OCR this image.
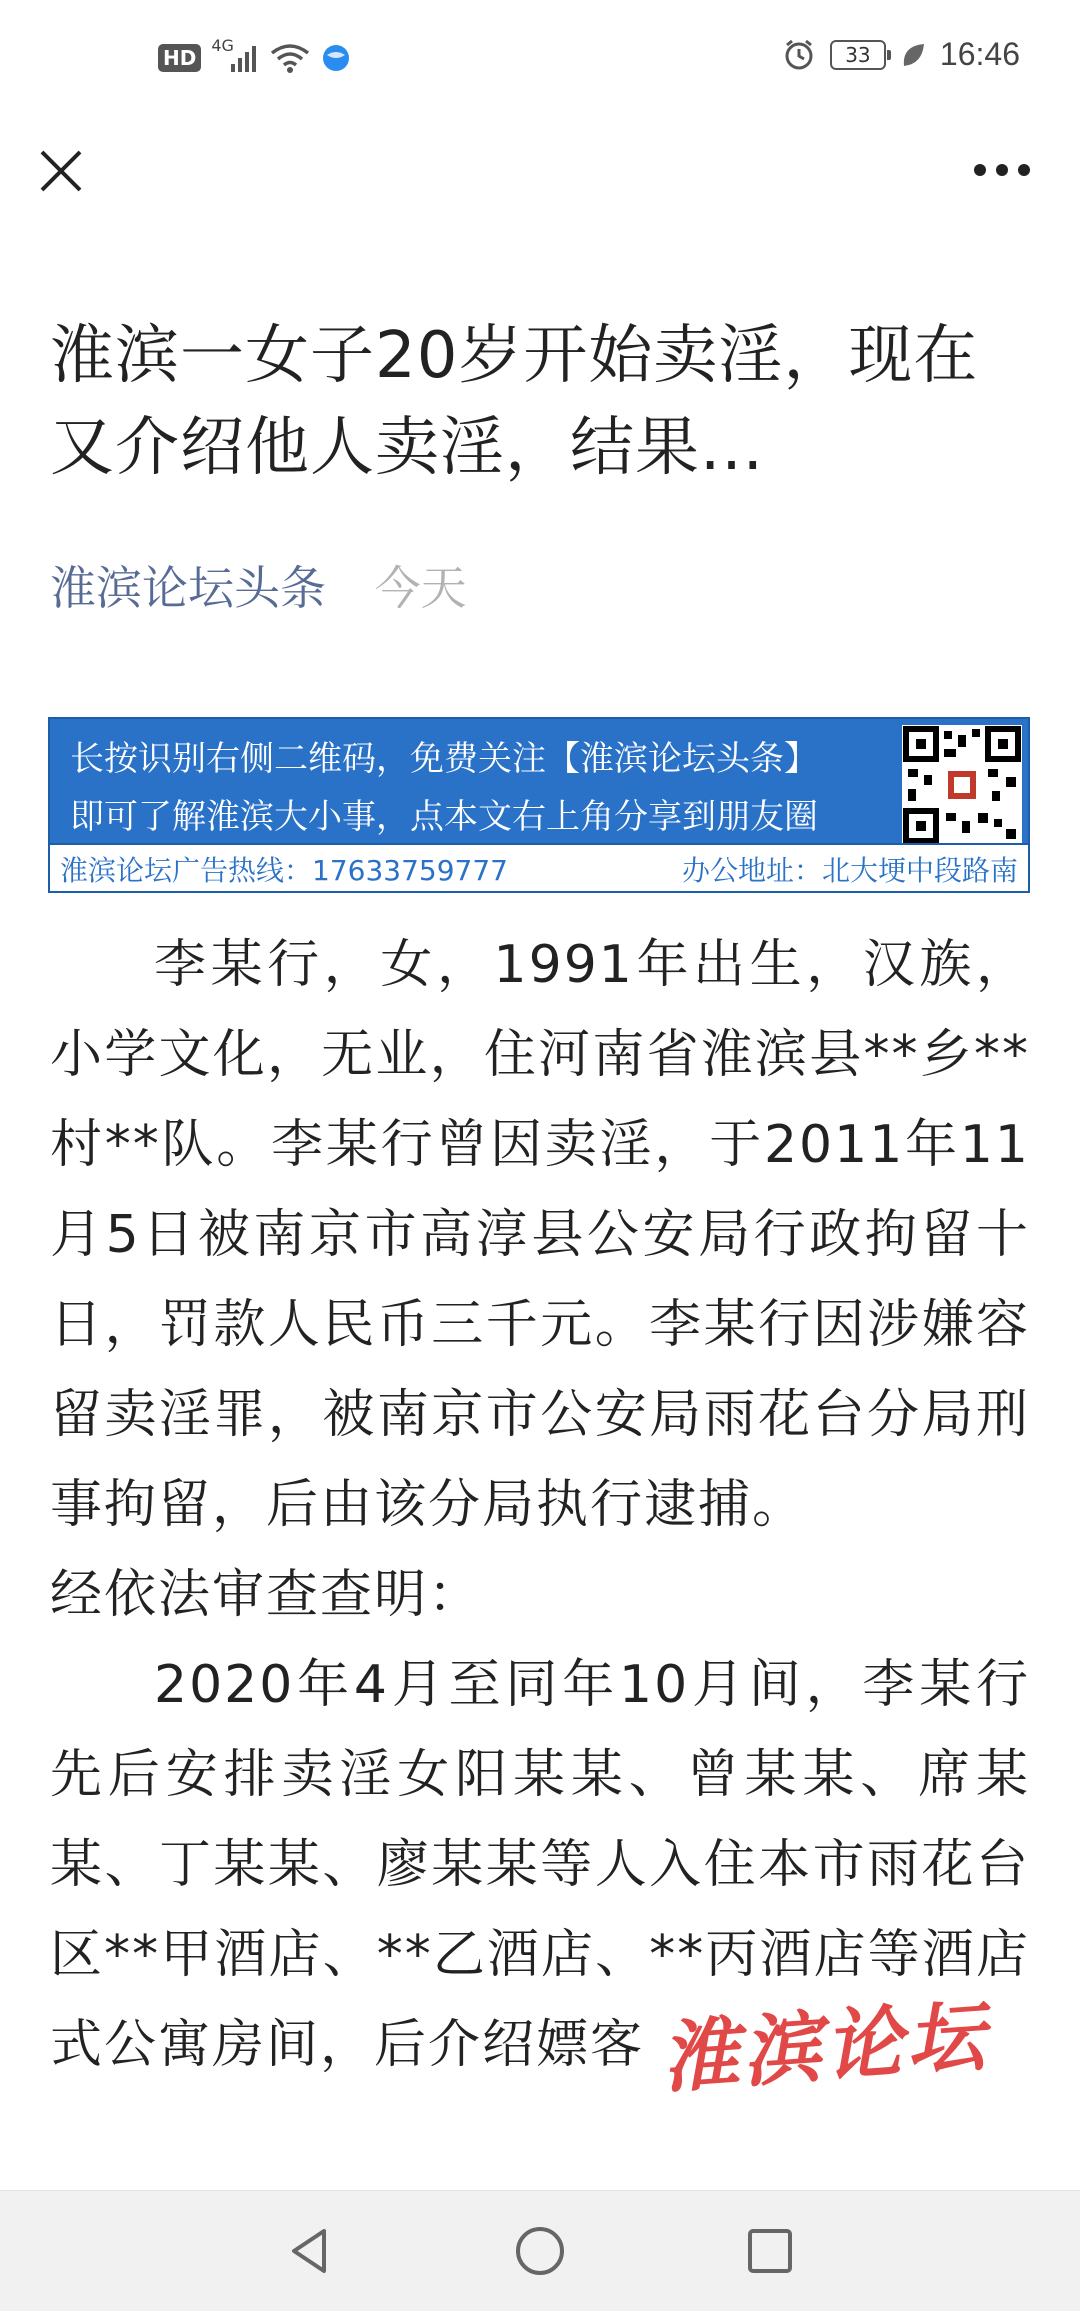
HD
4G	33	16:46
淮滨一女子20岁开始卖淫，现在又介绍他人卖淫，结果...
淮滨论坛头条 今天
长按识别右侧二维码，免费关注【淮滨论坛头条】
即可了解淮滨大小事，点本文右上角分享到朋友圈
淮滨论坛广告热线：17633759777	办公地址：北大埂中段路南

李某行，女，1991年出生，汉族，小学文化，无业，住河南省淮滨县**乡**村**队。李某行曾因卖淫，于2011年11月5日被南京市高淳县公安局行政拘留十日，罚款人民币三千元。李某行因涉嫌容留卖淫罪，被南京市公安局雨花台分局刑事拘留，后由该分局执行逮捕。

经依法审查查明：

2020年4月至同年10月间，李某行先后安排卖淫女阳某某、曾某某、席某某、丁某某、廖某某等人入住本市雨花台区**甲酒店、**乙酒店、**丙酒店等酒店式公寓房间，后介绍嫖客 淮滨论坛
